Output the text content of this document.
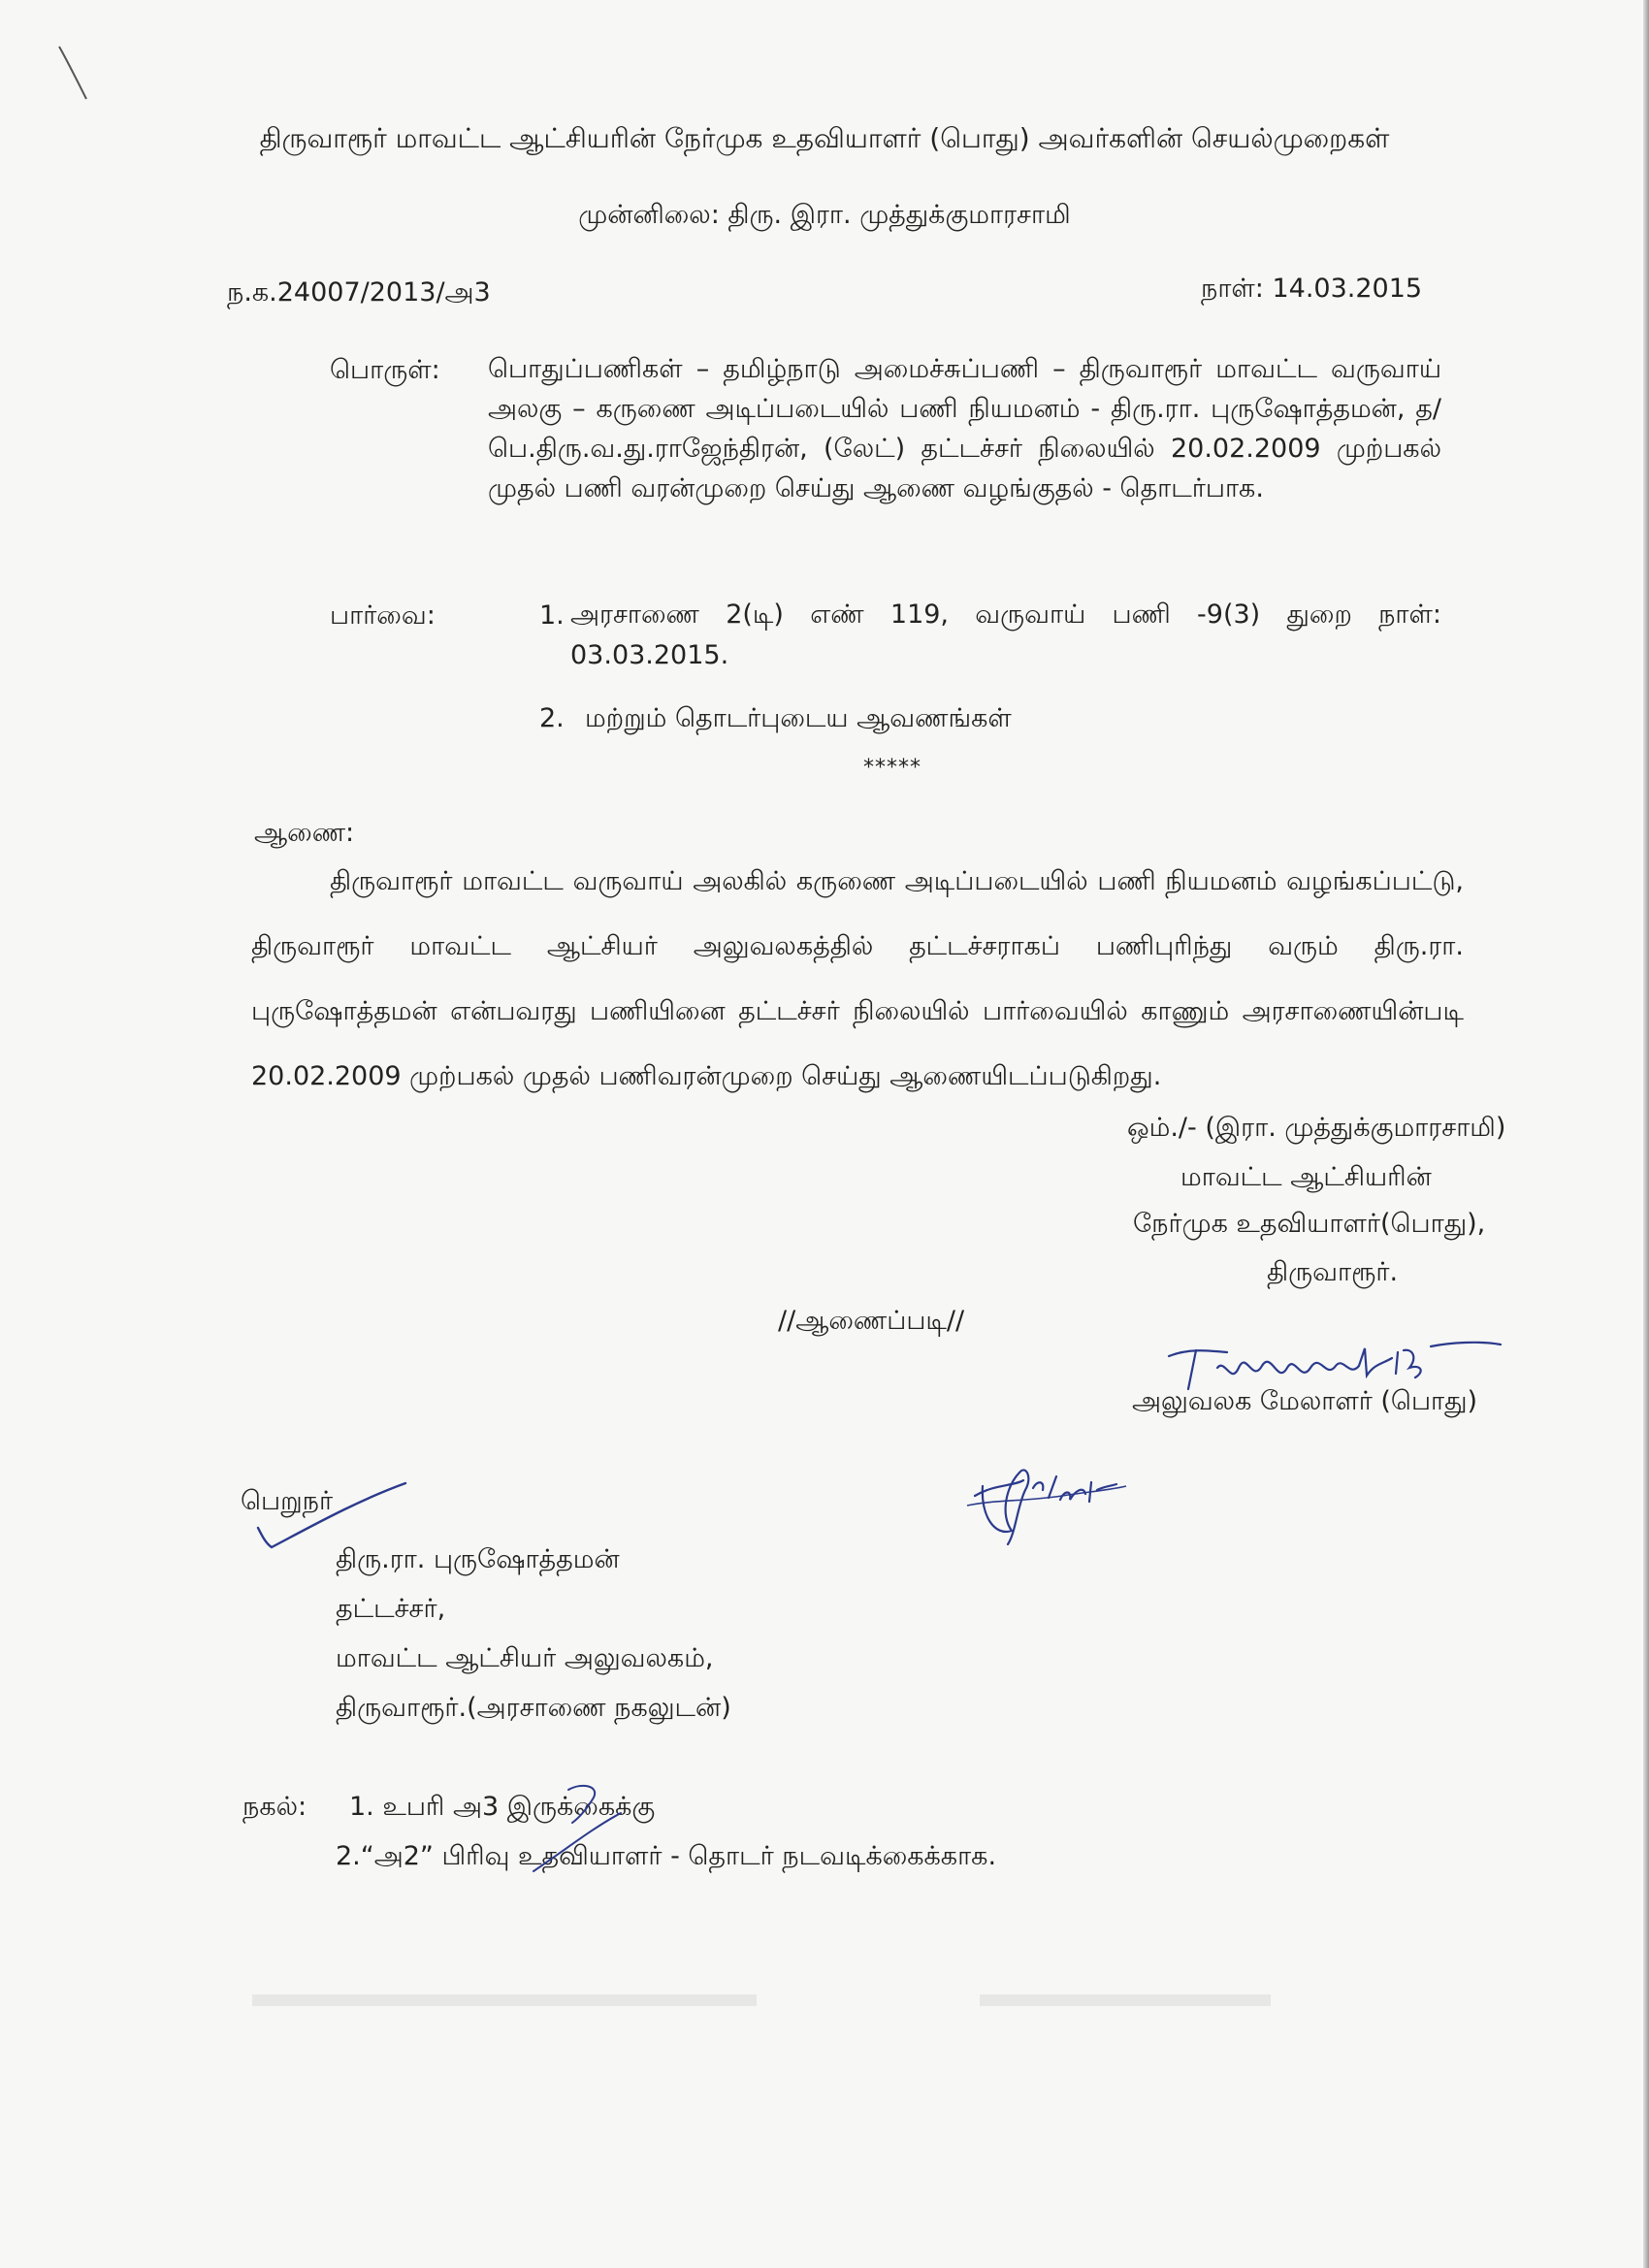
திருவாரூர் மாவட்ட ஆட்சியரின் நேர்முக உதவியாளர் (பொது) அவர்களின் செயல்முறைகள்
முன்னிலை: திரு. இரா. முத்துக்குமாரசாமி
ந.க.24007/2013/அ3	நாள்: 14.03.2015
பொருள்: பொதுப்பணிகள் – தமிழ்நாடு அமைச்சுப்பணி – திருவாரூர் மாவட்ட வருவாய் அலகு – கருணை அடிப்படையில் பணி நியமனம் - திரு.ரா. புருஷோத்தமன், த/பெ.திரு.வ.து.ராஜேந்திரன், (லேட்) தட்டச்சர் நிலையில் 20.02.2009 முற்பகல் முதல் பணி வரன்முறை செய்து ஆணை வழங்குதல் - தொடர்பாக.
பார்வை:	1. அரசாணை 2(டி) எண் 119, வருவாய் பணி -9(3) துறை நாள்: 03.03.2015.
2. மற்றும் தொடர்புடைய ஆவணங்கள்
*****
ஆணை:
திருவாரூர் மாவட்ட வருவாய் அலகில் கருணை அடிப்படையில் பணி நியமனம் வழங்கப்பட்டு, திருவாரூர் மாவட்ட ஆட்சியர் அலுவலகத்தில் தட்டச்சராகப் பணிபுரிந்து வரும் திரு.ரா. புருஷோத்தமன் என்பவரது பணியினை தட்டச்சர் நிலையில் பார்வையில் காணும் அரசாணையின்படி 20.02.2009 முற்பகல் முதல் பணிவரன்முறை செய்து ஆணையிடப்படுகிறது.
ஒம்./- (இரா. முத்துக்குமாரசாமி)
மாவட்ட ஆட்சியரின்
நேர்முக உதவியாளர்(பொது),
திருவாரூர்.
//ஆணைப்படி//
அலுவலக மேலாளர் (பொது)
பெறுநர்
திரு.ரா. புருஷோத்தமன்
தட்டச்சர்,
மாவட்ட ஆட்சியர் அலுவலகம்,
திருவாரூர்.(அரசாணை நகலுடன்)
நகல்: 1. உபரி அ3 இருக்கைக்கு
2.“அ2” பிரிவு உதவியாளர் - தொடர் நடவடிக்கைக்காக.
